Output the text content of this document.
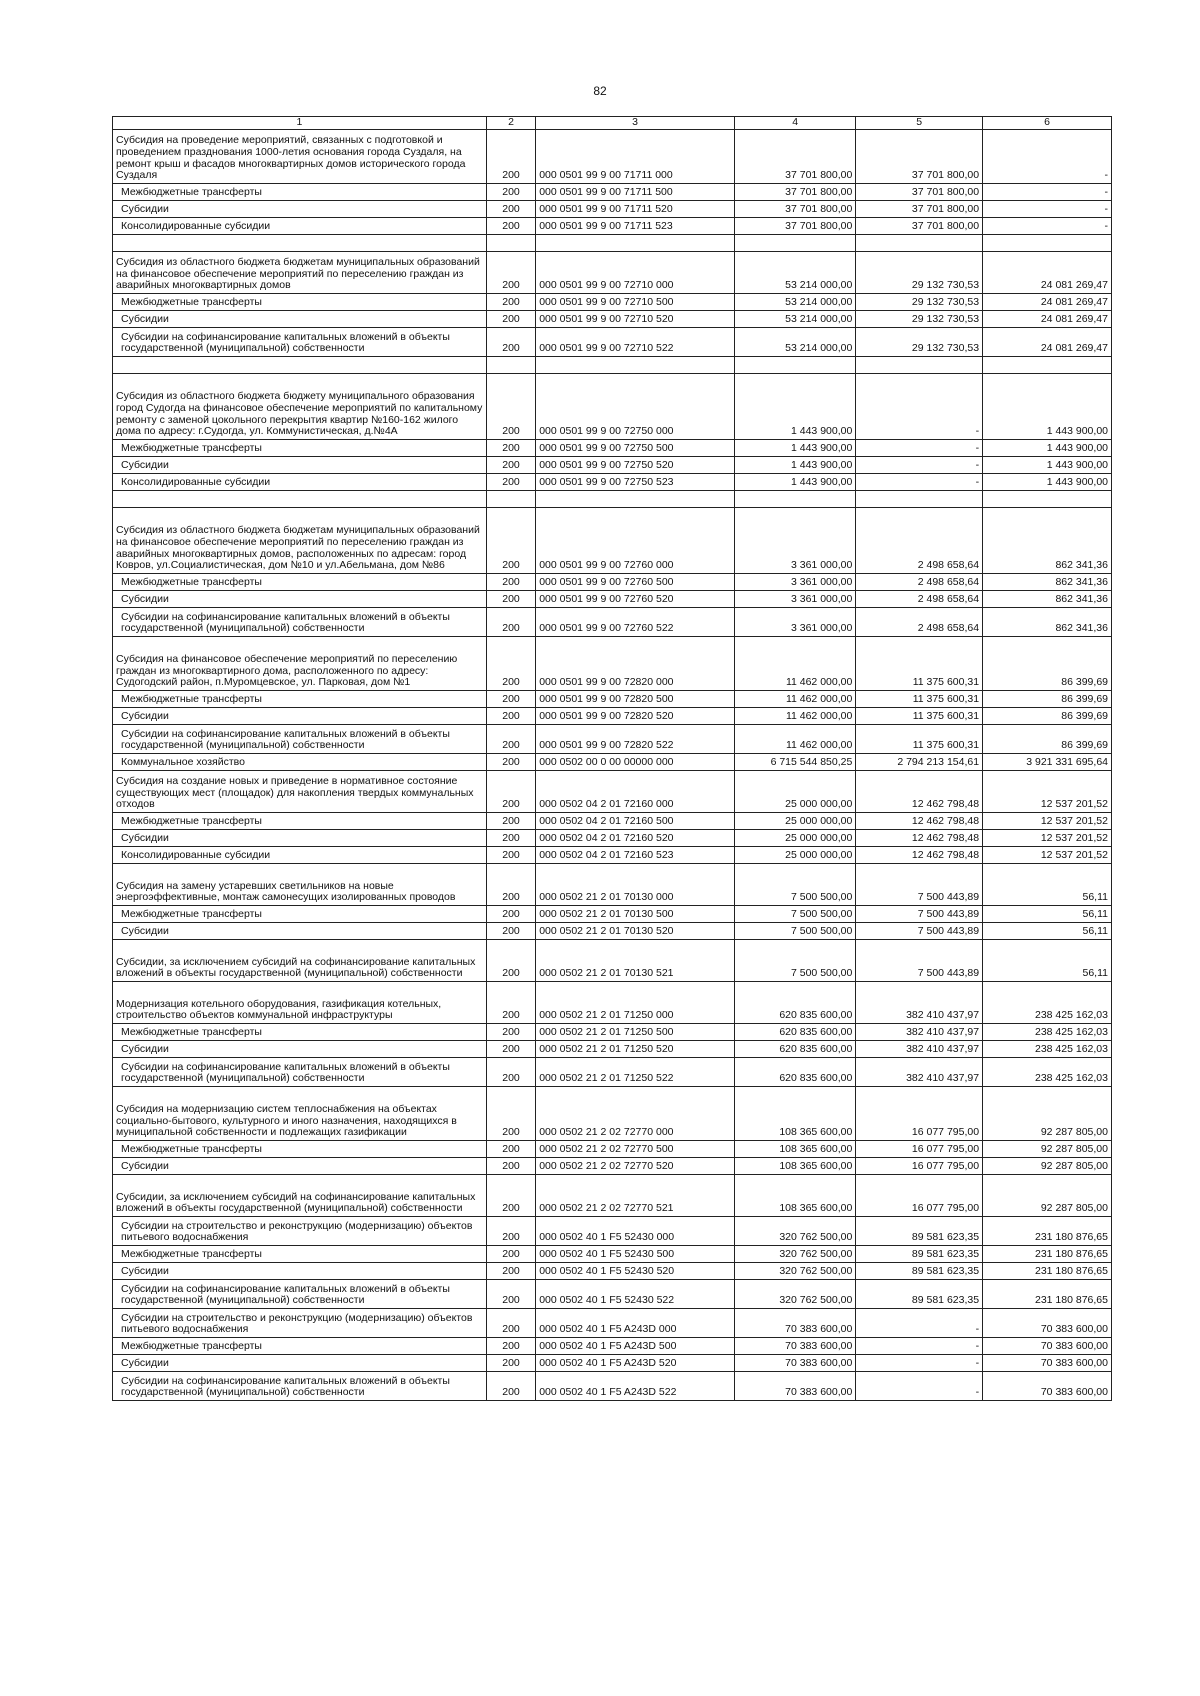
82
1	2	3	4	5	6
Субсидия на проведение мероприятий, связанных с подготовкой и проведением празднования 1000-летия основания города Суздаля, на ремонт крыш и фасадов многоквартирных домов исторического города Суздаля	200	000 0501 99 9 00 71711 000	37 701 800,00	37 701 800,00	-
Межбюджетные трансферты	200	000 0501 99 9 00 71711 500	37 701 800,00	37 701 800,00	-
Субсидии	200	000 0501 99 9 00 71711 520	37 701 800,00	37 701 800,00	-
Консолидированные субсидии	200	000 0501 99 9 00 71711 523	37 701 800,00	37 701 800,00	-

Субсидия из областного бюджета бюджетам муниципальных образований на финансовое обеспечение мероприятий по переселению граждан из аварийных многоквартирных домов	200	000 0501 99 9 00 72710 000	53 214 000,00	29 132 730,53	24 081 269,47
Межбюджетные трансферты	200	000 0501 99 9 00 72710 500	53 214 000,00	29 132 730,53	24 081 269,47
Субсидии	200	000 0501 99 9 00 72710 520	53 214 000,00	29 132 730,53	24 081 269,47
Субсидии на софинансирование капитальных вложений в объекты государственной (муниципальной) собственности	200	000 0501 99 9 00 72710 522	53 214 000,00	29 132 730,53	24 081 269,47

Субсидия из областного бюджета бюджету муниципального образования город Судогда на финансовое обеспечение мероприятий по капитальному ремонту с заменой цокольного перекрытия квартир №160-162 жилого дома по адресу: г.Судогда, ул. Коммунистическая, д.№4А	200	000 0501 99 9 00 72750 000	1 443 900,00	-	1 443 900,00
Межбюджетные трансферты	200	000 0501 99 9 00 72750 500	1 443 900,00	-	1 443 900,00
Субсидии	200	000 0501 99 9 00 72750 520	1 443 900,00	-	1 443 900,00
Консолидированные субсидии	200	000 0501 99 9 00 72750 523	1 443 900,00	-	1 443 900,00

Субсидия из областного бюджета бюджетам муниципальных образований на финансовое обеспечение мероприятий по переселению граждан из аварийных многоквартирных домов, расположенных по адресам: город Ковров, ул.Социалистическая, дом №10 и ул.Абельмана, дом №86	200	000 0501 99 9 00 72760 000	3 361 000,00	2 498 658,64	862 341,36
Межбюджетные трансферты	200	000 0501 99 9 00 72760 500	3 361 000,00	2 498 658,64	862 341,36
Субсидии	200	000 0501 99 9 00 72760 520	3 361 000,00	2 498 658,64	862 341,36
Субсидии на софинансирование капитальных вложений в объекты государственной (муниципальной) собственности	200	000 0501 99 9 00 72760 522	3 361 000,00	2 498 658,64	862 341,36
Субсидия на финансовое обеспечение мероприятий по переселению граждан из многоквартирного дома, расположенного по адресу: Судогодский район, п.Муромцевское, ул. Парковая, дом №1	200	000 0501 99 9 00 72820 000	11 462 000,00	11 375 600,31	86 399,69
Межбюджетные трансферты	200	000 0501 99 9 00 72820 500	11 462 000,00	11 375 600,31	86 399,69
Субсидии	200	000 0501 99 9 00 72820 520	11 462 000,00	11 375 600,31	86 399,69
Субсидии на софинансирование капитальных вложений в объекты государственной (муниципальной) собственности	200	000 0501 99 9 00 72820 522	11 462 000,00	11 375 600,31	86 399,69
Коммунальное хозяйство	200	000 0502 00 0 00 00000 000	6 715 544 850,25	2 794 213 154,61	3 921 331 695,64
Субсидия на создание новых и приведение в нормативное состояние существующих мест (площадок) для накопления твердых коммунальных отходов	200	000 0502 04 2 01 72160 000	25 000 000,00	12 462 798,48	12 537 201,52
Межбюджетные трансферты	200	000 0502 04 2 01 72160 500	25 000 000,00	12 462 798,48	12 537 201,52
Субсидии	200	000 0502 04 2 01 72160 520	25 000 000,00	12 462 798,48	12 537 201,52
Консолидированные субсидии	200	000 0502 04 2 01 72160 523	25 000 000,00	12 462 798,48	12 537 201,52
Субсидия на замену устаревших светильников на новые энергоэффективные, монтаж самонесущих изолированных проводов	200	000 0502 21 2 01 70130 000	7 500 500,00	7 500 443,89	56,11
Межбюджетные трансферты	200	000 0502 21 2 01 70130 500	7 500 500,00	7 500 443,89	56,11
Субсидии	200	000 0502 21 2 01 70130 520	7 500 500,00	7 500 443,89	56,11
Субсидии, за исключением субсидий на софинансирование капитальных вложений в объекты государственной (муниципальной) собственности	200	000 0502 21 2 01 70130 521	7 500 500,00	7 500 443,89	56,11
Модернизация котельного оборудования, газификация котельных, строительство объектов коммунальной инфраструктуры	200	000 0502 21 2 01 71250 000	620 835 600,00	382 410 437,97	238 425 162,03
Межбюджетные трансферты	200	000 0502 21 2 01 71250 500	620 835 600,00	382 410 437,97	238 425 162,03
Субсидии	200	000 0502 21 2 01 71250 520	620 835 600,00	382 410 437,97	238 425 162,03
Субсидии на софинансирование капитальных вложений в объекты государственной (муниципальной) собственности	200	000 0502 21 2 01 71250 522	620 835 600,00	382 410 437,97	238 425 162,03
Субсидия на модернизацию систем теплоснабжения на объектах социально-бытового, культурного и иного назначения, находящихся в муниципальной собственности и подлежащих газификации	200	000 0502 21 2 02 72770 000	108 365 600,00	16 077 795,00	92 287 805,00
Межбюджетные трансферты	200	000 0502 21 2 02 72770 500	108 365 600,00	16 077 795,00	92 287 805,00
Субсидии	200	000 0502 21 2 02 72770 520	108 365 600,00	16 077 795,00	92 287 805,00
Субсидии, за исключением субсидий на софинансирование капитальных вложений в объекты государственной (муниципальной) собственности	200	000 0502 21 2 02 72770 521	108 365 600,00	16 077 795,00	92 287 805,00
Субсидии на строительство и реконструкцию (модернизацию) объектов питьевого водоснабжения	200	000 0502 40 1 F5 52430 000	320 762 500,00	89 581 623,35	231 180 876,65
Межбюджетные трансферты	200	000 0502 40 1 F5 52430 500	320 762 500,00	89 581 623,35	231 180 876,65
Субсидии	200	000 0502 40 1 F5 52430 520	320 762 500,00	89 581 623,35	231 180 876,65
Субсидии на софинансирование капитальных вложений в объекты государственной (муниципальной) собственности	200	000 0502 40 1 F5 52430 522	320 762 500,00	89 581 623,35	231 180 876,65
Субсидии на строительство и реконструкцию (модернизацию) объектов питьевого водоснабжения	200	000 0502 40 1 F5 A243D 000	70 383 600,00	-	70 383 600,00
Межбюджетные трансферты	200	000 0502 40 1 F5 A243D 500	70 383 600,00	-	70 383 600,00
Субсидии	200	000 0502 40 1 F5 A243D 520	70 383 600,00	-	70 383 600,00
Субсидии на софинансирование капитальных вложений в объекты государственной (муниципальной) собственности	200	000 0502 40 1 F5 A243D 522	70 383 600,00	-	70 383 600,00
